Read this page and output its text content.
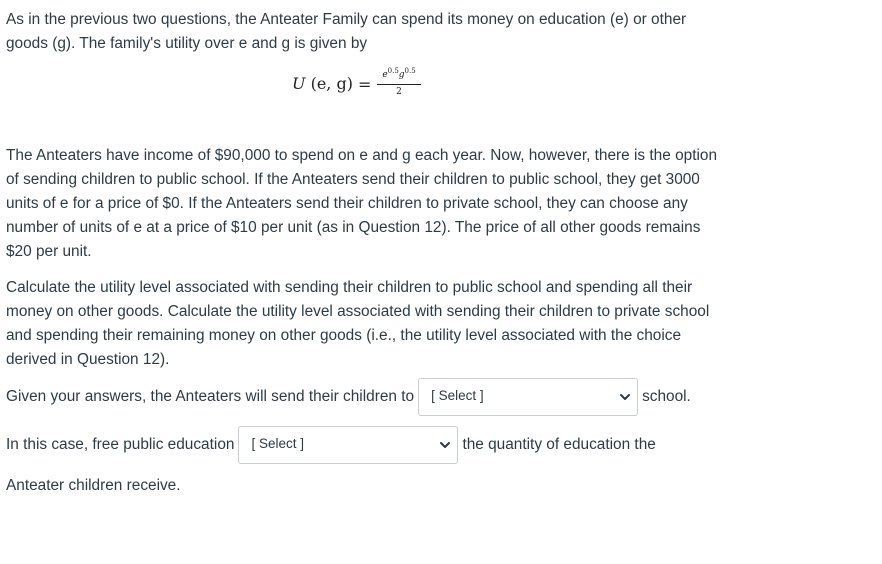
As in the previous two questions, the Anteater Family can spend its money on education (e) or other goods (g). The family's utility over e and g is given by

U (e, $g) = \frac{e^{0.5}g^{0.5}}{2}$

The Anteaters have income of $90,000 to spend on e and g each year. Now, however, there is the option of sending children to public school. If the Anteaters send their children to public school, they get 3000 units of e for a price of $0. If the Anteaters send their children to private school, they can choose any number of units of e at a price of $10 per unit (as in Question 12). The price of all other goods remains $20 per unit.

Calculate the utility level associated with sending their children to public school and spending all their money on other goods. Calculate the utility level associated with sending their children to private school and spending their remaining money on other goods (i.e., the utility level associated with the choice derived in Question 12).

Given your answers, the Anteaters will send their children to [ Select ]	school.
In this case, free public education [ Select ]	the quantity of education the

Anteater children receive.
